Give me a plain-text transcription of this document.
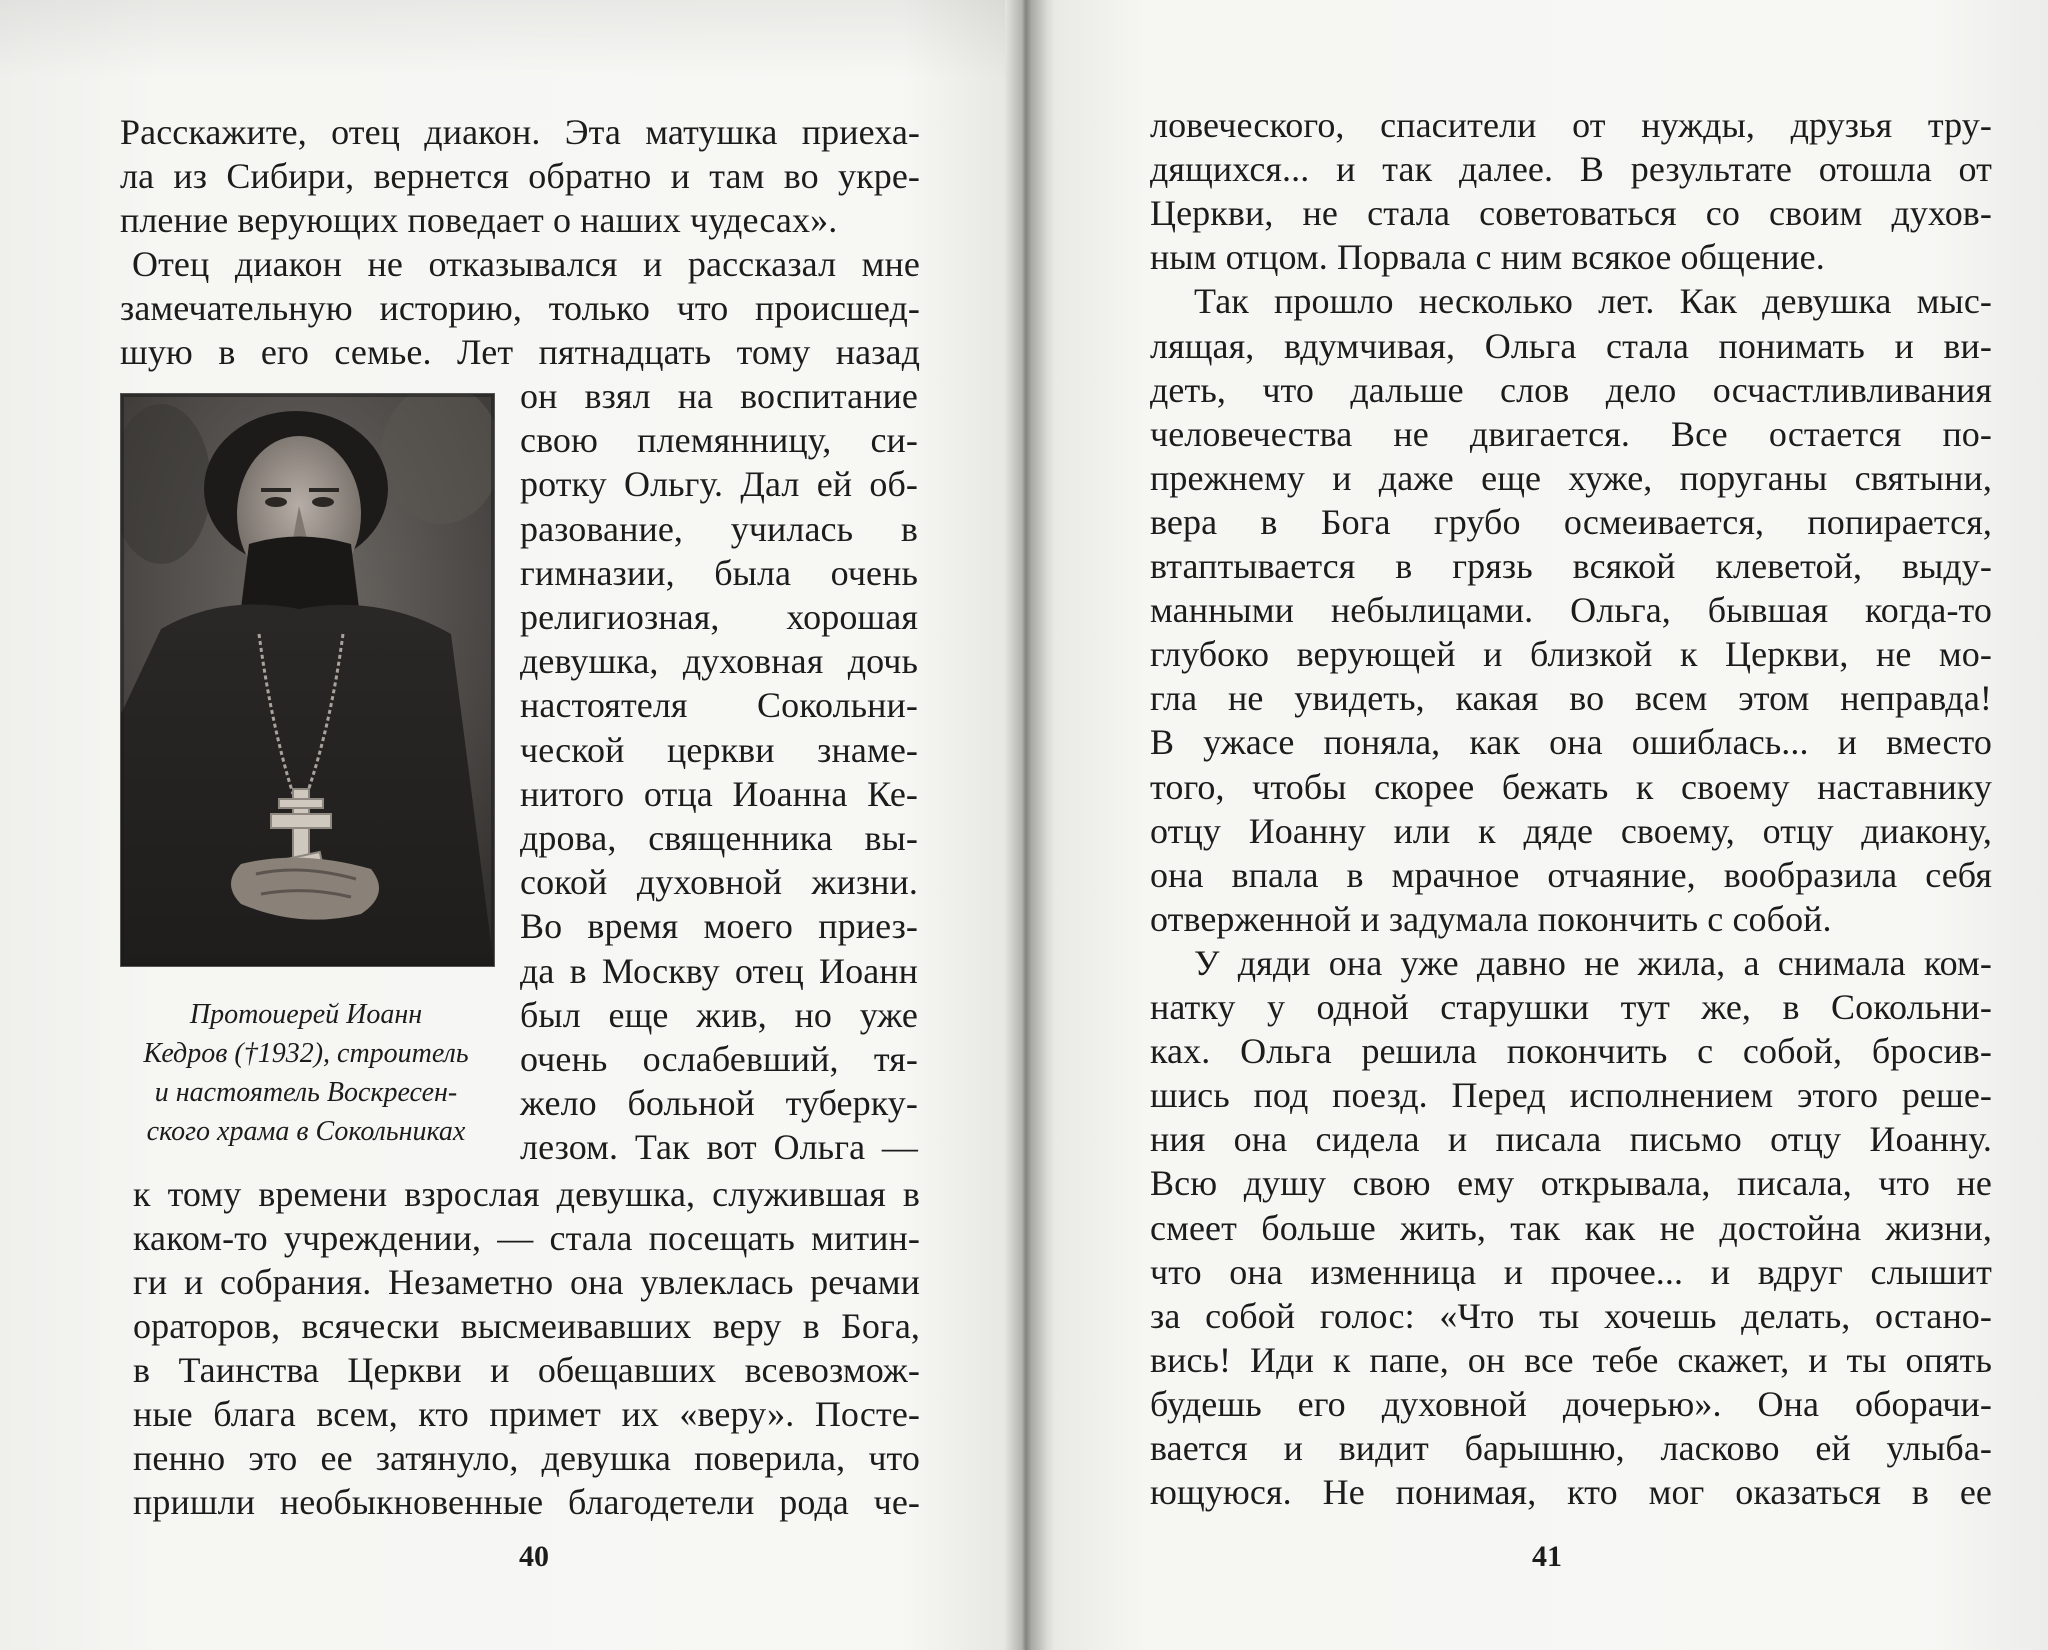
Расскажите, отец диакон. Эта матушка приеха-
ла из Сибири, вернется обратно и там во укре-
пление верующих поведает о наших чудесах».
Отец диакон не отказывался и рассказал мне
замечательную историю, только что происшед-
шую в его семье. Лет пятнадцать тому назад
он взял на воспитание
свою племянницу, си-
ротку Ольгу. Дал ей об-
разование, училась в
гимназии, была очень
религиозная, хорошая
девушка, духовная дочь
настоятеля Сокольни-
ческой церкви знаме-
нитого отца Иоанна Ке-
дрова, священника вы-
сокой духовной жизни.
Во время моего приез-
да в Москву отец Иоанн
был еще жив, но уже
очень ослабевший, тя-
жело больной туберку-
лезом. Так вот Ольга —
Протоиерей Иоанн
Кедров (†1932), строитель
и настоятель Воскресен-
ского храма в Сокольниках
к тому времени взрослая девушка, служившая в
каком-то учреждении, — стала посещать митин-
ги и собрания. Незаметно она увлеклась речами
ораторов, всячески высмеивавших веру в Бога,
в Таинства Церкви и обещавших всевозмож-
ные блага всем, кто примет их «веру». Посте-
пенно это ее затянуло, девушка поверила, что
пришли необыкновенные благодетели рода че-
40
ловеческого, спасители от нужды, друзья тру-
дящихся... и так далее. В результате отошла от
Церкви, не стала советоваться со своим духов-
ным отцом. Порвала с ним всякое общение.
Так прошло несколько лет. Как девушка мыс-
лящая, вдумчивая, Ольга стала понимать и ви-
деть, что дальше слов дело осчастливливания
человечества не двигается. Все остается по-
прежнему и даже еще хуже, поруганы святыни,
вера в Бога грубо осмеивается, попирается,
втаптывается в грязь всякой клеветой, выду-
манными небылицами. Ольга, бывшая когда-то
глубоко верующей и близкой к Церкви, не мо-
гла не увидеть, какая во всем этом неправда!
В ужасе поняла, как она ошиблась... и вместо
того, чтобы скорее бежать к своему наставнику
отцу Иоанну или к дяде своему, отцу диакону,
она впала в мрачное отчаяние, вообразила себя
отверженной и задумала покончить с собой.
У дяди она уже давно не жила, а снимала ком-
натку у одной старушки тут же, в Сокольни-
ках. Ольга решила покончить с собой, бросив-
шись под поезд. Перед исполнением этого реше-
ния она сидела и писала письмо отцу Иоанну.
Всю душу свою ему открывала, писала, что не
смеет больше жить, так как не достойна жизни,
что она изменница и прочее... и вдруг слышит
за собой голос: «Что ты хочешь делать, остано-
вись! Иди к папе, он все тебе скажет, и ты опять
будешь его духовной дочерью». Она оборачи-
вается и видит барышню, ласково ей улыба-
ющуюся. Не понимая, кто мог оказаться в ее
41
